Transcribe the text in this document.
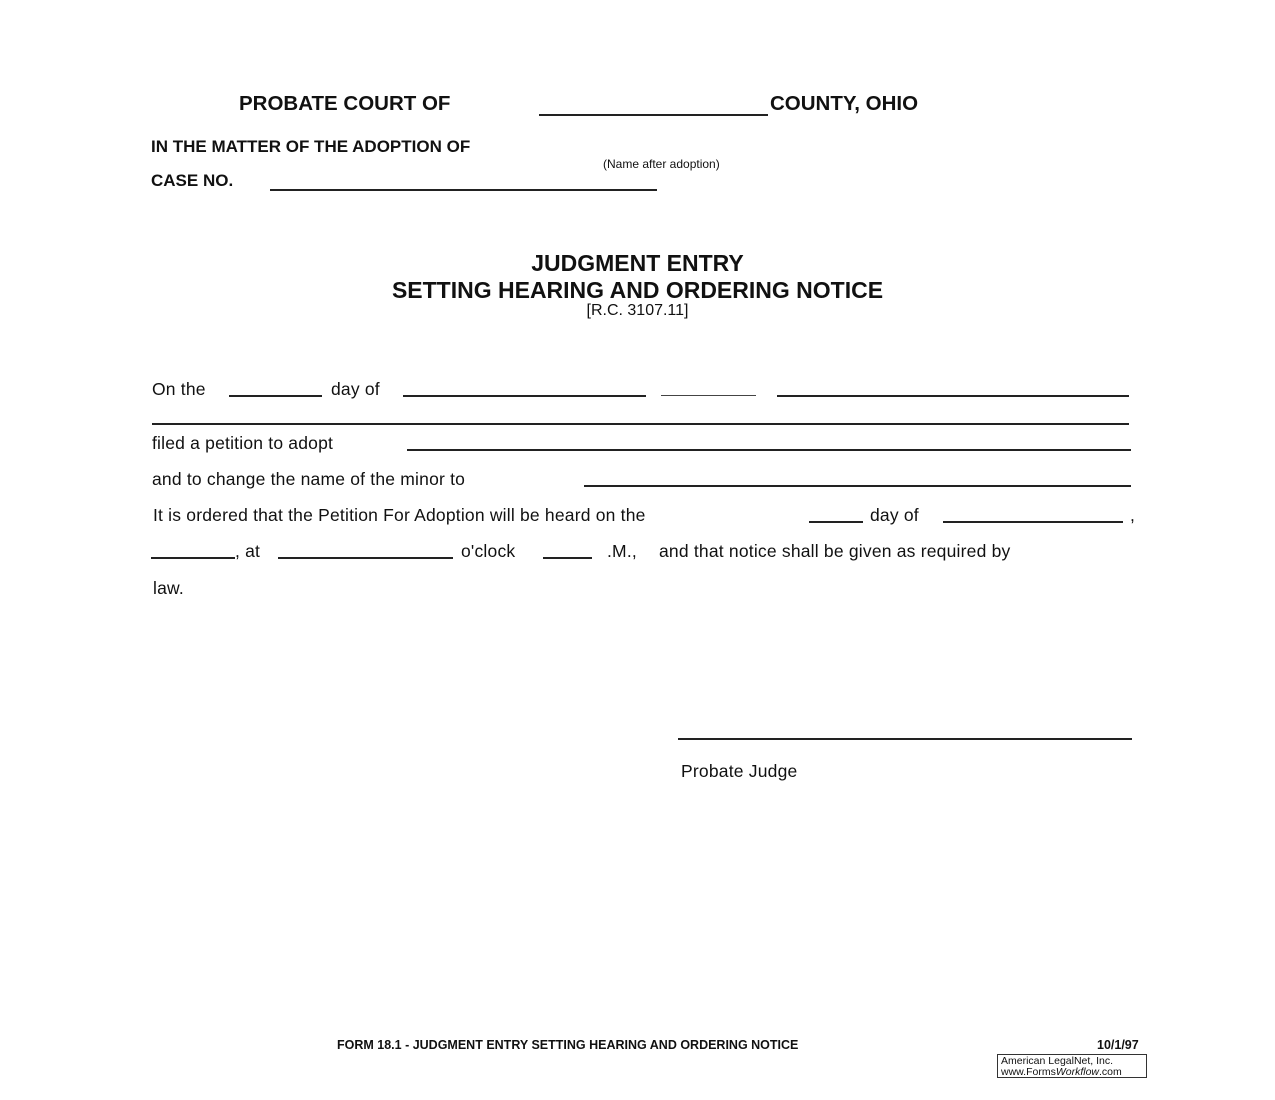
PROBATE COURT OF	COUNTY, OHIO
IN THE MATTER OF THE ADOPTION OF
(Name after adoption)
CASE NO.
JUDGMENT ENTRY
SETTING HEARING AND ORDERING NOTICE
[R.C. 3107.11]
On the	day of
filed a petition to adopt
and to change the name of the minor to
It is ordered that the Petition For Adoption will be heard on the	day of	,
, at	o'clock	.M., and that notice shall be given as required by
law.
Probate Judge
FORM 18.1 - JUDGMENT ENTRY SETTING HEARING AND ORDERING NOTICE	10/1/97
American LegalNet, Inc.
www.FormsWorkflow.com
